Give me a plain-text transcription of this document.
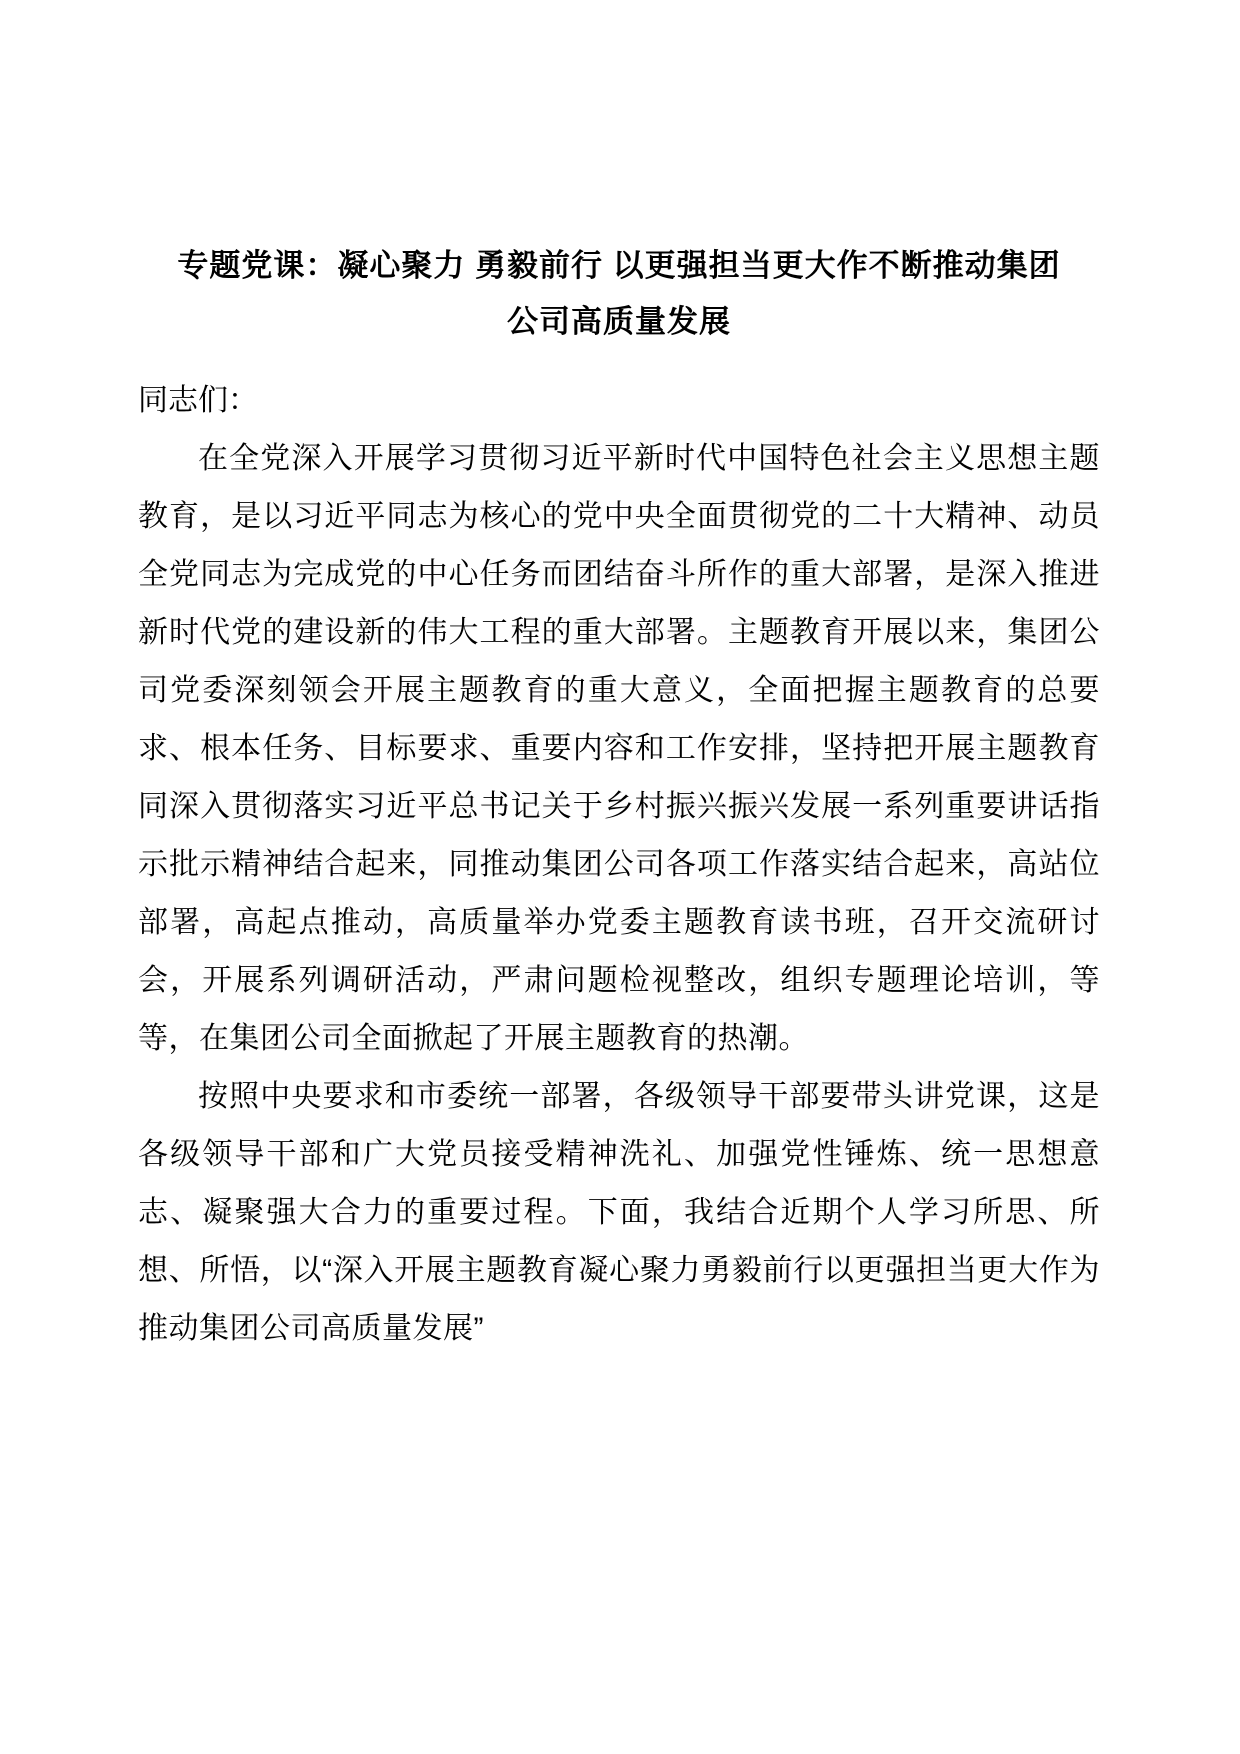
专题党课：凝心聚力 勇毅前行 以更强担当更大作不断推动集团
公司高质量发展

同志们：

在全党深入开展学习贯彻习近平新时代中国特色社会主义思想主题教育，是以习近平同志为核心的党中央全面贯彻党的二十大精神、动员全党同志为完成党的中心任务而团结奋斗所作的重大部署，是深入推进新时代党的建设新的伟大工程的重大部署。主题教育开展以来，集团公司党委深刻领会开展主题教育的重大意义，全面把握主题教育的总要求、根本任务、目标要求、重要内容和工作安排，坚持把开展主题教育同深入贯彻落实习近平总书记关于乡村振兴振兴发展一系列重要讲话指示批示精神结合起来，同推动集团公司各项工作落实结合起来，高站位部署，高起点推动，高质量举办党委主题教育读书班，召开交流研讨会，开展系列调研活动，严肃问题检视整改，组织专题理论培训，等等，在集团公司全面掀起了开展主题教育的热潮。

按照中央要求和市委统一部署，各级领导干部要带头讲党课，这是各级领导干部和广大党员接受精神洗礼、加强党性锤炼、统一思想意志、凝聚强大合力的重要过程。下面，我结合近期个人学习所思、所想、所悟，以“深入开展主题教育凝心聚力勇毅前行以更强担当更大作为推动集团公司高质量发展”
